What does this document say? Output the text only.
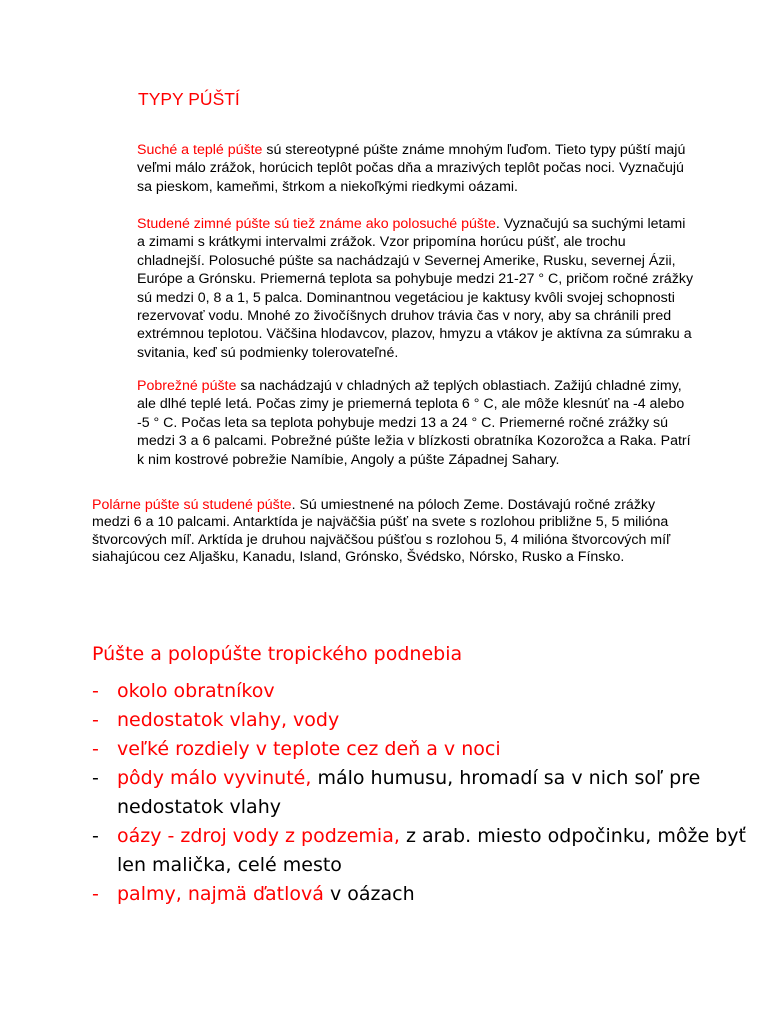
TYPY PÚŠTÍ

Suché a teplé púšte sú stereotypné púšte známe mnohým ľuďom. Tieto typy púští majú veľmi málo zrážok, horúcich teplôt počas dňa a mrazivých teplôt počas noci. Vyznačujú sa pieskom, kameňmi, štrkom a niekoľkými riedkymi oázami.

Studené zimné púšte sú tiež známe ako polosuché púšte. Vyznačujú sa suchými letami a zimami s krátkymi intervalmi zrážok. Vzor pripomína horúcu púšť, ale trochu chladnejší. Polosuché púšte sa nachádzajú v Severnej Amerike, Rusku, severnej Ázii, Európe a Grónsku. Priemerná teplota sa pohybuje medzi 21-27 ° C, pričom ročné zrážky sú medzi 0, 8 a 1, 5 palca. Dominantnou vegetáciou je kaktusy kvôli svojej schopnosti rezervovať vodu. Mnohé zo živočíšnych druhov trávia čas v nory, aby sa chránili pred extrémnou teplotou. Väčšina hlodavcov, plazov, hmyzu a vtákov je aktívna za súmraku a svitania, keď sú podmienky tolerovateľné.

Pobrežné púšte sa nachádzajú v chladných až teplých oblastiach. Zažijú chladné zimy, ale dlhé teplé letá. Počas zimy je priemerná teplota 6 ° C, ale môže klesnúť na -4 alebo -5 ° C. Počas leta sa teplota pohybuje medzi 13 a 24 ° C. Priemerné ročné zrážky sú medzi 3 a 6 palcami. Pobrežné púšte ležia v blízkosti obratníka Kozorožca a Raka. Patrí k nim kostrové pobrežie Namíbie, Angoly a púšte Západnej Sahary.

Polárne púšte sú studené púšte. Sú umiestnené na póloch Zeme. Dostávajú ročné zrážky medzi 6 a 10 palcami. Antarktída je najväčšia púšť na svete s rozlohou približne 5, 5 milióna štvorcových míľ. Arktída je druhou najväčšou púšťou s rozlohou 5, 4 milióna štvorcových míľ siahajúcou cez Aljašku, Kanadu, Island, Grónsko, Švédsko, Nórsko, Rusko a Fínsko.

Púšte a polopúšte tropického podnebia
- okolo obratníkov
- nedostatok vlahy, vody
- veľké rozdiely v teplote cez deň a v noci
- pôdy málo vyvinuté, málo humusu, hromadí sa v nich soľ pre nedostatok vlahy
- oázy - zdroj vody z podzemia, z arab. miesto odpočinku, môže byť len malička, celé mesto
- palmy, najmä ďatlová v oázach
